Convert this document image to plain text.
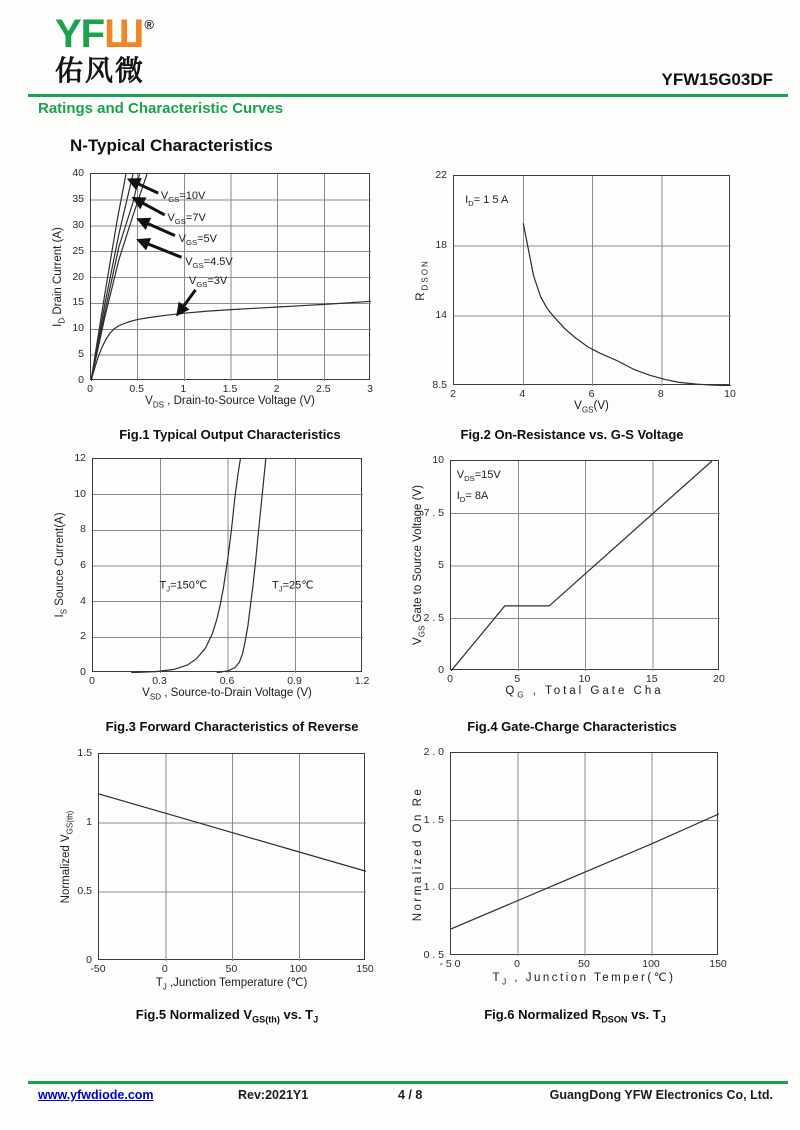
YFШ®
佑风微	YFW15G03DF
Ratings and Characteristic Curves
N-Typical Characteristics
$V_{GS}=10V$
$V_{GS}=7V$
$V_{GS}=5V$
$V_{GS}=4.5V$
$V_{GS}=3V$
0	0.5	1	1.5	2	2.5	3
0
5
10
15
20
25
30
35
40
$V_{DS}$ , Drain-to-Source Voltage (V)
$I_D$ Drain Current (A)
Fig.1 Typical Output Characteristics
$I_D= 1$ 5 A
2	4	6	8	10
8.5
14
18
22
$V_{GS}(V)$
$R_{DSON}$
Fig.2 On-Resistance vs. G-S Voltage
$T_J=150℃$	$T_J=25℃$
0	0.3	0.6	0.9	1.2
0
2
4
6
8
10
12
$V_{SD}$ , Source-to-Drain Voltage (V)
$I_S$ Source Current(A)
Fig.3 Forward Characteristics of Reverse
$V_{DS}=15V$
$I_D= 8A$
0	5	10	15	20
0
2 . 5
5
7 . 5
10
$Q_G$ , Total Gate Cha
$V_{GS}$ Gate to Source Voltage (V)
Fig.4 Gate-Charge Characteristics
-50	0	50	100	150
0
0.5
1
1.5
$T_J$ ,Junction Temperature (℃)
Normalized $V_{GS(th)}$
Fig.5 Normalized $V_{GS(th)}$ vs. $T_J$
- 5 0	0	50	100	150
0 . 5
1 . 0
1 . 5
2 . 0
$T_J$ , Junction Temper(℃)
Normalized On Re
Fig.6 Normalized $R_{DSON}$ vs. $T_J$
www.yfwdiode.com	Rev:2021Y1	4 / 8	GuangDong YFW Electronics Co, Ltd.
